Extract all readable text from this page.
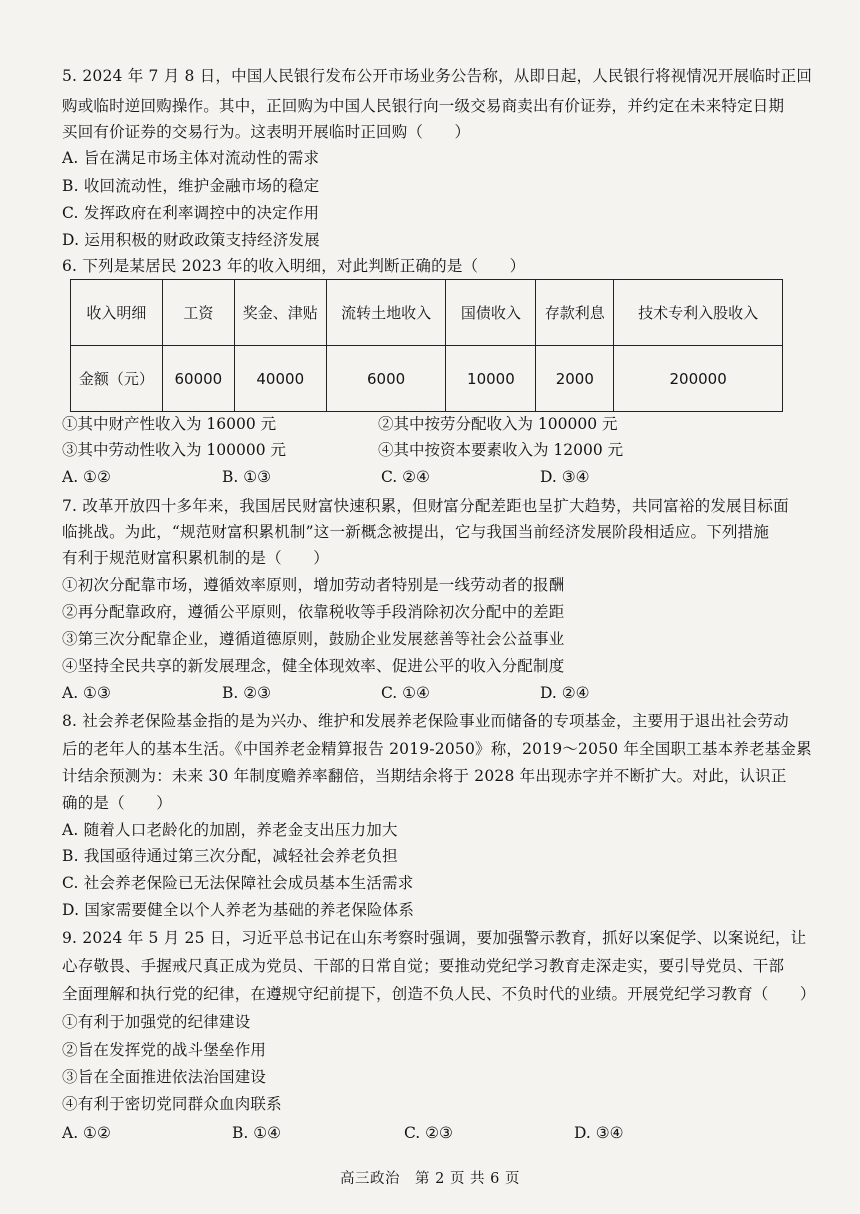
5. 2024 年 7 月 8 日，中国人民银行发布公开市场业务公告称，从即日起，人民银行将视情况开展临时正回
购或临时逆回购操作。其中，正回购为中国人民银行向一级交易商卖出有价证券，并约定在未来特定日期
买回有价证券的交易行为。这表明开展临时正回购（　　）
A. 旨在满足市场主体对流动性的需求
B. 收回流动性，维护金融市场的稳定
C. 发挥政府在利率调控中的决定作用
D. 运用积极的财政政策支持经济发展
6. 下列是某居民 2023 年的收入明细，对此判断正确的是（　　）
收入明细	工资	奖金、津贴	流转土地收入	国债收入	存款利息	技术专利入股收入
金额（元）	60000	40000	6000	10000	2000	200000
①其中财产性收入为 16000 元	②其中按劳分配收入为 100000 元
③其中劳动性收入为 100000 元	④其中按资本要素收入为 12000 元
A. ①②	B. ①③	C. ②④	D. ③④
7. 改革开放四十多年来，我国居民财富快速积累，但财富分配差距也呈扩大趋势，共同富裕的发展目标面
临挑战。为此，“规范财富积累机制”这一新概念被提出，它与我国当前经济发展阶段相适应。下列措施
有利于规范财富积累机制的是（　　）
①初次分配靠市场，遵循效率原则，增加劳动者特别是一线劳动者的报酬
②再分配靠政府，遵循公平原则，依靠税收等手段消除初次分配中的差距
③第三次分配靠企业，遵循道德原则，鼓励企业发展慈善等社会公益事业
④坚持全民共享的新发展理念，健全体现效率、促进公平的收入分配制度
A. ①③	B. ②③	C. ①④	D. ②④
8. 社会养老保险基金指的是为兴办、维护和发展养老保险事业而储备的专项基金，主要用于退出社会劳动
后的老年人的基本生活。《中国养老金精算报告 2019-2050》称，2019～2050 年全国职工基本养老基金累
计结余预测为：未来 30 年制度赡养率翻倍，当期结余将于 2028 年出现赤字并不断扩大。对此，认识正
确的是（　　）
A. 随着人口老龄化的加剧，养老金支出压力加大
B. 我国亟待通过第三次分配，减轻社会养老负担
C. 社会养老保险已无法保障社会成员基本生活需求
D. 国家需要健全以个人养老为基础的养老保险体系
9. 2024 年 5 月 25 日，习近平总书记在山东考察时强调，要加强警示教育，抓好以案促学、以案说纪，让
心存敬畏、手握戒尺真正成为党员、干部的日常自觉；要推动党纪学习教育走深走实，要引导党员、干部
全面理解和执行党的纪律，在遵规守纪前提下，创造不负人民、不负时代的业绩。开展党纪学习教育（　　）
①有利于加强党的纪律建设
②旨在发挥党的战斗堡垒作用
③旨在全面推进依法治国建设
④有利于密切党同群众血肉联系
A. ①②	B. ①④	C. ②③	D. ③④
高三政治　第 2 页 共 6 页
